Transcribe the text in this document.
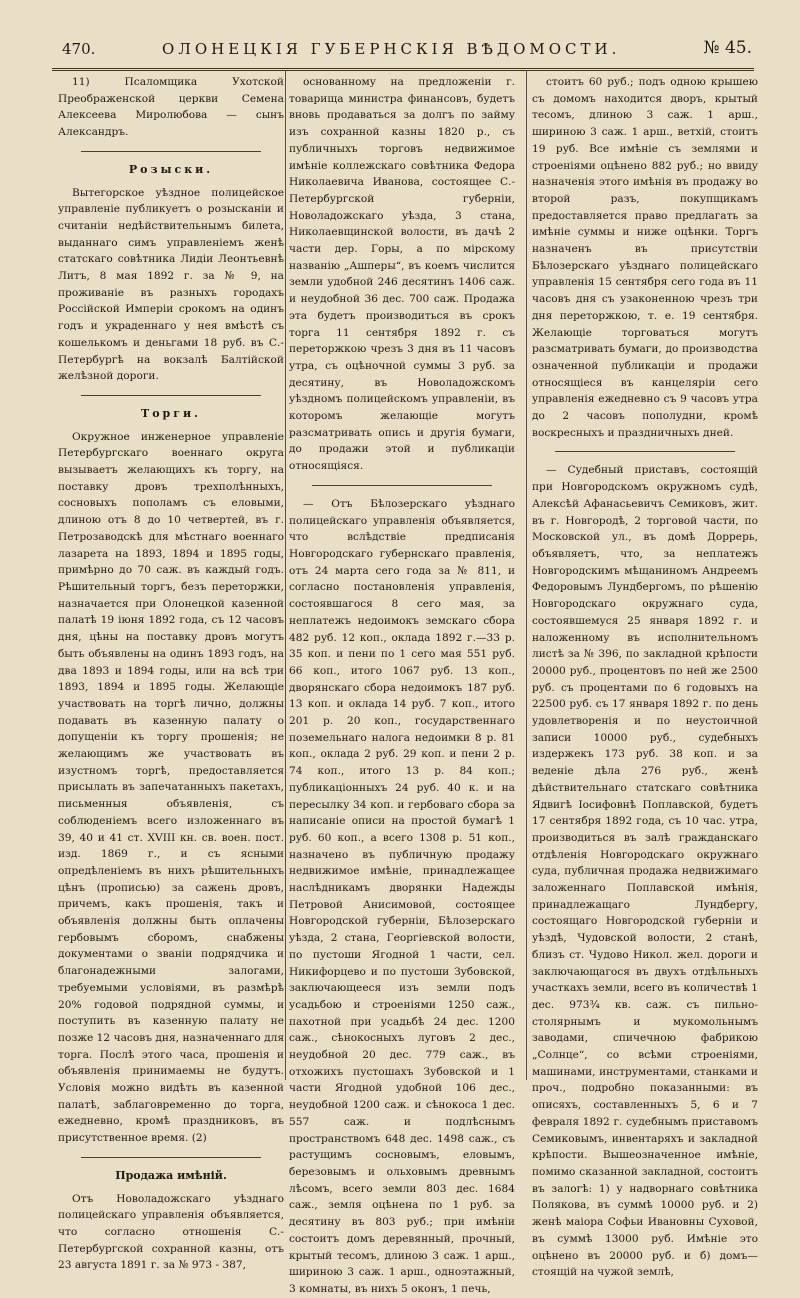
470.	ОЛОНЕЦКІЯ ГУБЕРНСКІЯ ВѢДОМОСТИ.	№ 45.

11) Псаломщика Ухотской Преображенской церкви Семена Алексеева Миролюбова — сынъ Александръ.

Розыски.

Вытегорское уѣздное полицейское управленіе публикуетъ о розысканіи и считаніи недѣйствительнымъ билета, выданнаго симъ управленіемъ женѣ статскаго совѣтника Лидіи Леонтьевнѣ Литъ, 8 мая 1892 г. за № 9, на проживаніе въ разныхъ городахъ Россійской Имперіи срокомъ на одинъ годъ и украденнаго у нея вмѣстѣ съ кошелькомъ и деньгами 18 руб. въ С.-Петербургѣ на вокзалѣ Балтійской желѣзной дороги.

Торги.

Окружное инженерное управленіе Петербургскаго военнаго округа вызываетъ желающихъ къ торгу, на поставку дровъ трехполѣнныхъ, сосновыхъ пополамъ съ еловыми, длиною отъ 8 до 10 четвертей, въ г. Петрозаводскѣ для мѣстнаго военнаго лазарета на 1893, 1894 и 1895 годы, примѣрно до 70 саж. въ каждый годъ. Рѣшительный торгъ, безъ переторжки, назначается при Олонецкой казенной палатѣ 19 іюня 1892 года, съ 12 часовъ дня, цѣны на поставку дровъ могутъ быть объявлены на одинъ 1893 годъ, на два 1893 и 1894 годы, или на всѣ три 1893, 1894 и 1895 годы. Желающіе участвовать на торгѣ лично, должны подавать въ казенную палату о допущеніи къ торгу прошенія; не желающимъ же участвовать въ изустномъ торгѣ, предоставляется присылать въ запечатанныхъ пакетахъ, письменныя объявленія, съ соблюденіемъ всего изложеннаго въ 39, 40 и 41 ст. XVIII кн. св. воен. пост. изд. 1869 г., и съ ясными опредѣленіемъ въ нихъ рѣшительныхъ цѣнъ (прописью) за сажень дровъ, причемъ, какъ прошенія, такъ и объявленія должны быть оплачены гербовымъ сборомъ, снабжены документами о званіи подрядчика и благонадежными залогами, требуемыми условіями, въ размѣрѣ 20% годовой подрядной суммы, и поступить въ казенную палату не позже 12 часовъ дня, назначеннаго для торга. Послѣ этого часа, прошенія и объявленія принимаемы не будутъ. Условія можно видѣть въ казенной палатѣ, заблаговременно до торга, ежедневно, кромѣ праздниковъ, въ присутственное время. (2)

Продажа имѣній.

Отъ Новоладожскаго уѣзднаго полицейскаго управленія объявляется, что согласно отношенія С.-Петербургской сохранной казны, отъ 23 августа 1891 г. за № 973 - 387,

основанному на предложеніи г. товарища министра финансовъ, будетъ вновь продаваться за долгъ по займу изъ сохранной казны 1820 р., съ публичныхъ торговъ недвижимое имѣніе коллежскаго совѣтника Федора Николаевича Иванова, состоящее С.-Петербургской губерніи, Новоладожскаго уѣзда, 3 стана, Николаевщинской волости, въ дачѣ 2 части дер. Горы, а по мірскому названію „Ашперы“, въ коемъ числится земли удобной 246 десятинъ 1406 саж. и неудобной 36 дес. 700 саж. Продажа эта будетъ производиться въ срокъ торга 11 сентября 1892 г. съ переторжкою чрезъ 3 дня въ 11 часовъ утра, съ оцѣночной суммы 3 руб. за десятину, въ Новоладожскомъ уѣздномъ полицейскомъ управленіи, въ которомъ желающіе могутъ разсматривать опись и другія бумаги, до продажи этой и публикаціи относящіяся.

— Отъ Бѣлозерскаго уѣзднаго полицейскаго управленія объявляется, что вслѣдствіе предписанія Новгородскаго губернскаго правленія, отъ 24 марта сего года за № 811, и согласно постановленія управленія, состоявшагося 8 сего мая, за неплатежъ недоимокъ земскаго сбора 482 руб. 12 коп., оклада 1892 г.—33 р. 35 коп. и пени по 1 сего мая 551 руб. 66 коп., итого 1067 руб. 13 коп., дворянскаго сбора недоимокъ 187 руб. 13 коп. и оклада 14 руб. 7 коп., итого 201 р. 20 коп., государственнаго поземельнаго налога недоимки 8 р. 81 коп., оклада 2 руб. 29 коп. и пени 2 р. 74 коп., итого 13 р. 84 коп.; публикаціонныхъ 24 руб. 40 к. и на пересылку 34 коп. и гербоваго сбора за написаніе описи на простой бумагѣ 1 руб. 60 коп., а всего 1308 р. 51 коп., назначено въ публичную продажу недвижимое имѣніе, принадлежащее наслѣдникамъ дворянки Надежды Петровой Анисимовой, состоящее Новгородской губерніи, Бѣлозерскаго уѣзда, 2 стана, Георгіевской волости, по пустоши Ягодной 1 части, сел. Никифорцево и по пустоши Зубовской, заключающееся изъ земли подъ усадьбою и строеніями 1250 саж., пахотной при усадьбѣ 24 дес. 1200 саж., сѣнокосныхъ луговъ 2 дес., неудобной 20 дес. 779 саж., въ отхожихъ пустошахъ Зубовской и 1 части Ягодной удобной 106 дес., неудобной 1200 саж. и сѣнокоса 1 дес. 557 саж. и подлѣснымъ пространствомъ 648 дес. 1498 саж., съ растущимъ сосновымъ, еловымъ, березовымъ и ольховымъ древнымъ лѣсомъ, всего земли 803 дес. 1684 саж., земля оцѣнена по 1 руб. за десятину въ 803 руб.; при имѣніи состоитъ домъ деревянный, прочный, крытый тесомъ, длиною 3 саж. 1 арш., шириною 3 саж. 1 арш., одноэтажный, 3 комнаты, въ нихъ 5 оконъ, 1 печь,

стоитъ 60 руб.; подъ одною крышею съ домомъ находится дворъ, крытый тесомъ, длиною 3 саж. 1 арш., шириною 3 саж. 1 арш., ветхій, стоитъ 19 руб. Все имѣніе съ землями и строеніями оцѣнено 882 руб.; но ввиду назначенія этого имѣнія въ продажу во второй разъ, покупщикамъ предоставляется право предлагать за имѣніе суммы и ниже оцѣнки. Торгъ назначенъ въ присутствіи Бѣлозерскаго уѣзднаго полицейскаго управленія 15 сентября сего года въ 11 часовъ дня съ узаконенною чрезъ три дня переторжкою, т. е. 19 сентября. Желающіе торговаться могутъ разсматривать бумаги, до производства означенной публикаціи и продажи относящіеся въ канцеляріи сего управленія ежедневно съ 9 часовъ утра до 2 часовъ пополудни, кромѣ воскресныхъ и праздничныхъ дней.

— Судебный приставъ, состоящій при Новгородскомъ окружномъ судѣ, Алексѣй Афанасьевичъ Семиковъ, жит. въ г. Новгородѣ, 2 торговой части, по Московской ул., въ домѣ Доррерь, объявляетъ, что, за неплатежъ Новгородскимъ мѣщаниномъ Андреемъ Федоровымъ Лундбергомъ, по рѣшенію Новгородскаго окружнаго суда, состоявшемуся 25 января 1892 г. и наложенному въ исполнительномъ листѣ за № 396, по закладной крѣпости 20000 руб., процентовъ по ней же 2500 руб. съ процентами по 6 годовыхъ на 22500 руб. съ 17 января 1892 г. по день удовлетворенія и по неустоичной записи 10000 руб., судебныхъ издержекъ 173 руб. 38 коп. и за веденіе дѣла 276 руб., женѣ дѣйствительнаго статскаго совѣтника Ядвигѣ Іосифовнѣ Поплавской, будетъ 17 сентября 1892 года, съ 10 час. утра, производиться въ залѣ гражданскаго отдѣленія Новгородскаго окружнаго суда, публичная продажа недвижимаго заложеннаго Поплавской имѣнія, принадлежащаго Лундбергу, состоящаго Новгородской губерніи и уѣздѣ, Чудовской волости, 2 станѣ, близъ ст. Чудово Никол. жел. дороги и заключающагося въ двухъ отдѣльныхъ участкахъ земли, всего въ количествѣ 1 дес. 973¾ кв. саж. съ пильно-столярнымъ и мукомольнымъ заводами, спичечною фабрикою „Солнце“, со всѣми строеніями, машинами, инструментами, станками и проч., подробно показанными: въ описяхъ, составленныхъ 5, 6 и 7 февраля 1892 г. судебнымъ приставомъ Семиковымъ, инвентаряхъ и закладной крѣпости. Вышеозначенное имѣніе, помимо сказанной закладной, состоитъ въ залогѣ: 1) у надворнаго совѣтника Полякова, въ суммѣ 10000 руб. и 2) женѣ маіора Софьи Ивановны Суховой, въ суммѣ 13000 руб. Имѣніе это оцѣнено въ 20000 руб. и б) домъ—стоящій на чужой землѣ,
